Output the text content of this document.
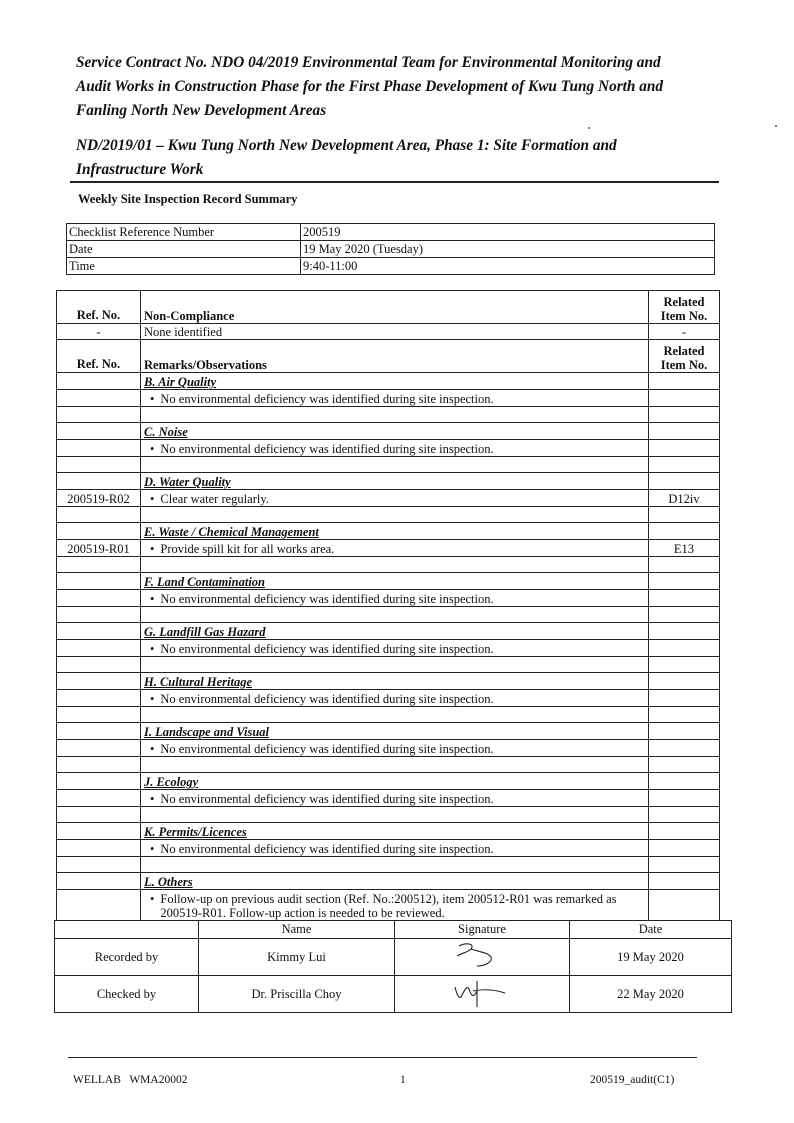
Service Contract No. NDO 04/2019 Environmental Team for Environmental Monitoring and

Audit Works in Construction Phase for the First Phase Development of Kwu Tung North and

Fanling North New Development Areas

ND/2019/01 – Kwu Tung North New Development Area, Phase 1: Site Formation and

Infrastructure Work

Weekly Site Inspection Record Summary
Checklist Reference Number	200519
Date	19 May 2020 (Tuesday)
Time	9:40-11:00
Ref. No.	Non-Compliance	Related
Item No.

-	None identified	-
Ref. No.	Remarks/Observations	Related
Item No.

	B. Air Quality	

	• No environmental deficiency was identified during site inspection.

	C. Noise	

	• No environmental deficiency was identified during site inspection.

	D. Water Quality	
200519-R02	• Clear water regularly.	D12iv

	E. Waste / Chemical Management	
200519-R01	• Provide spill kit for all works area.	E13

	F. Land Contamination	

	• No environmental deficiency was identified during site inspection.

	G. Landfill Gas Hazard	

	• No environmental deficiency was identified during site inspection.

	H. Cultural Heritage	

	• No environmental deficiency was identified during site inspection.

	I. Landscape and Visual	

	• No environmental deficiency was identified during site inspection.

	J. Ecology	

	• No environmental deficiency was identified during site inspection.

	K. Permits/Licences	

	• No environmental deficiency was identified during site inspection.

	L. Others	

	• Follow-up on previous audit section (Ref. No.:200512), item 200512-R01 was remarked as
200519-R01. Follow-up action is needed to be reviewed.	

	Name	Signature	Date
Recorded by	Kimmy Lui		19 May 2020
Checked by	Dr. Priscilla Choy		22 May 2020
WELLAB   WMA20002	1	200519_audit(C1)
